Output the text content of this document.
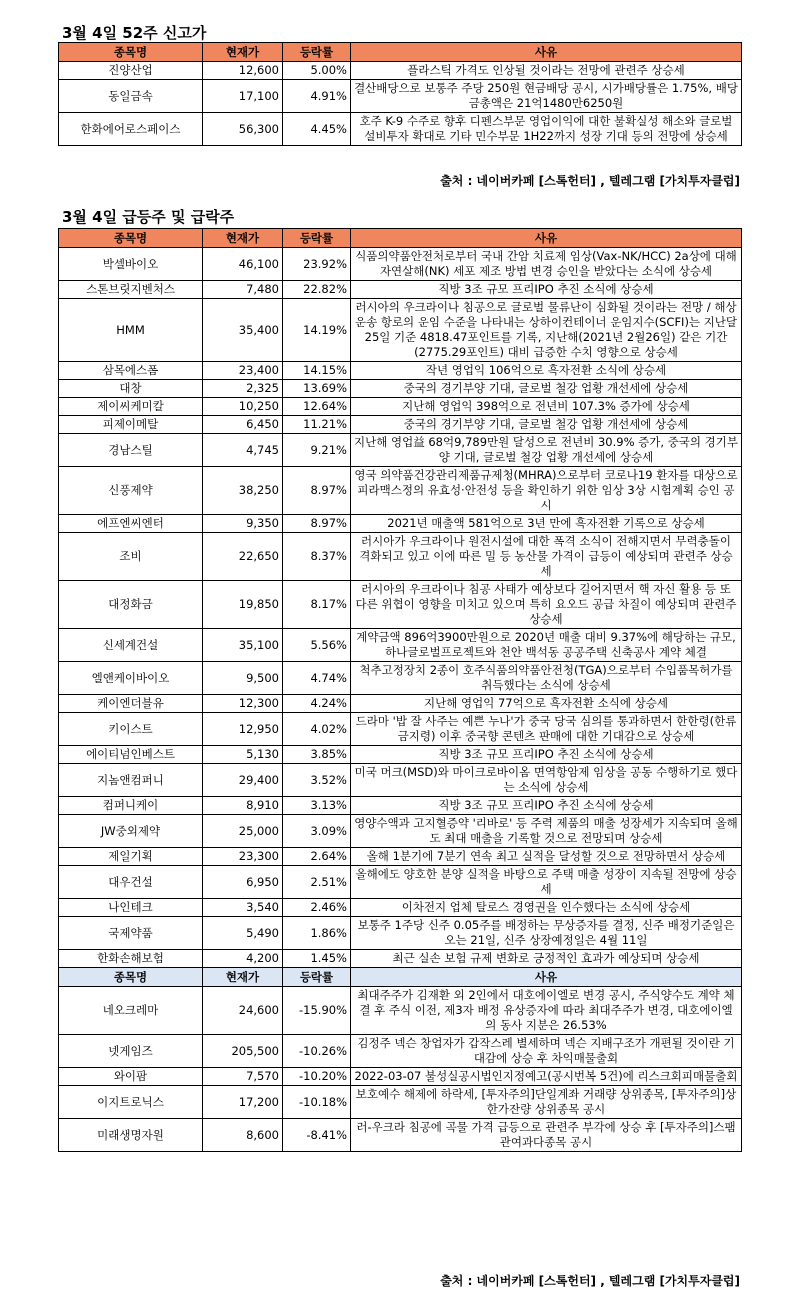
3월 4일 52주 신고가
종목명	현재가	등락률	사유
진양산업	12,600	5.00%	플라스틱 가격도 인상될 것이라는 전망에 관련주 상승세
동일금속	17,100	4.91%	결산배당으로 보통주 주당 250원 현금배당 공시, 시가배당률은 1.75%, 배당금총액은 21억1480만6250원
한화에어로스페이스	56,300	4.45%	호주 K-9 수주로 향후 디펜스부문 영업이익에 대한 불확실성 해소와 글로벌 설비투자 확대로 기타 민수부문 1H22까지 성장 기대 등의 전망에 상승세
출처 : 네이버카페 [스톡헌터] , 텔레그램 [가치투자클럽]
3월 4일 급등주 및 급락주
종목명	현재가	등락률	사유
박셀바이오	46,100	23.92%	식품의약품안전처로부터 국내 간암 치료제 임상(Vax-NK/HCC) 2a상에 대해 자연살해(NK) 세포 제조 방법 변경 승인을 받았다는 소식에 상승세
스톤브릿지벤처스	7,480	22.82%	직방 3조 규모 프리IPO 추진 소식에 상승세
HMM	35,400	14.19%	러시아의 우크라이나 침공으로 글로벌 물류난이 심화될 것이라는 전망 / 해상 운송 항로의 운임 수준을 나타내는 상하이컨테이너 운임지수(SCFI)는 지난달 25일 기준 4818.47포인트를 기록, 지난해(2021년 2월26일) 같은 기간(2775.29포인트) 대비 급증한 수치 영향으로 상승세
삼목에스폼	23,400	14.15%	작년 영업익 106억으로 흑자전환 소식에 상승세
대창	2,325	13.69%	중국의 경기부양 기대, 글로벌 철강 업황 개선세에 상승세
제이씨케미칼	10,250	12.64%	지난해 영업익 398억으로 전년비 107.3% 증가에 상승세
피제이메탈	6,450	11.21%	중국의 경기부양 기대, 글로벌 철강 업황 개선세에 상승세
경남스틸	4,745	9.21%	지난해 영업益 68억9,789만원 달성으로 전년비 30.9% 증가, 중국의 경기부양 기대, 글로벌 철강 업황 개선세에 상승세
신풍제약	38,250	8.97%	영국 의약품건강관리제품규제청(MHRA)으로부터 코로나19 환자를 대상으로 피라맥스정의 유효성·안전성 등을 확인하기 위한 임상 3상 시험계획 승인 공시
에프엔씨엔터	9,350	8.97%	2021년 매출액 581억으로 3년 만에 흑자전환 기록으로 상승세
조비	22,650	8.37%	러시아가 우크라이나 원전시설에 대한 폭격 소식이 전해지면서 무력충돌이 격화되고 있고 이에 따른 밀 등 농산물 가격이 급등이 예상되며 관련주 상승세
대정화금	19,850	8.17%	러시아의 우크라이나 침공 사태가 예상보다 길어지면서 핵 자신 활용 등 또 다른 위협이 영향을 미치고 있으며 특히 요오드 공급 차질이 예상되며 관련주 상승세
신세계건설	35,100	5.56%	계약금액 896억3900만원으로 2020년 매출 대비 9.37%에 해당하는 규모, 하나글로벌프로젝트와 천안 백석동 공공주택 신축공사 계약 체결
엘앤케이바이오	9,500	4.74%	척추고정장치 2종이 호주식품의약품안전청(TGA)으로부터 수입품목허가를 취득했다는 소식에 상승세
케이엔더블유	12,300	4.24%	지난해 영업익 77억으로 흑자전환 소식에 상승세
키이스트	12,950	4.02%	드라마 '밥 잘 사주는 예쁜 누나'가 중국 당국 심의를 통과하면서 한한령(한류 금지령) 이후 중국향 콘텐츠 판매에 대한 기대감으로 상승세
에이티넘인베스트	5,130	3.85%	직방 3조 규모 프리IPO 추진 소식에 상승세
지놈앤컴퍼니	29,400	3.52%	미국 머크(MSD)와 마이크로바이옴 면역항암제 임상을 공동 수행하기로 했다는 소식에 상승세
컴퍼니케이	8,910	3.13%	직방 3조 규모 프리IPO 추진 소식에 상승세
JW중외제약	25,000	3.09%	영양수액과 고지혈증약 '리바로' 등 주력 제품의 매출 성장세가 지속되며 올해도 최대 매출을 기록할 것으로 전망되며 상승세
제일기획	23,300	2.64%	올해 1분기에 7분기 연속 최고 실적을 달성할 것으로 전망하면서 상승세
대우건설	6,950	2.51%	올해에도 양호한 분양 실적을 바탕으로 주택 매출 성장이 지속될 전망에 상승세
나인테크	3,540	2.46%	이차전지 업체 탈로스 경영권을 인수했다는 소식에 상승세
국제약품	5,490	1.86%	보통주 1주당 신주 0.05주를 배정하는 무상증자를 결정, 신주 배정기준일은 오는 21일, 신주 상장예정일은 4월 11일
한화손해보험	4,200	1.45%	최근 실손 보험 규제 변화로 긍정적인 효과가 예상되며 상승세
종목명	현재가	등락률	사유
네오크레마	24,600	-15.90%	최대주주가 김재환 외 2인에서 대호에이엘로 변경 공시, 주식양수도 계약 체결 후 주식 이전, 제3자 배정 유상증자에 따라 최대주주가 변경, 대호에이엘의 동사 지분은 26.53%
넷게임즈	205,500	-10.26%	김정주 넥슨 창업자가 갑작스레 별세하며 넥슨 지배구조가 개편될 것이란 기대감에 상승 후 차익매물출회
와이팜	7,570	-10.20%	2022-03-07 불성실공시법인지정예고(공시번복 5건)에 리스크회피매물출회
이지트로닉스	17,200	-10.18%	보호예수 해제에 하락세, [투자주의]단일계좌 거래량 상위종목, [투자주의]상한가잔량 상위종목 공시
미래생명자원	8,600	-8.41%	러-우크라 침공에 곡물 가격 급등으로 관련주 부각에 상승 후 [투자주의]스팸관여과다종목 공시
출처 : 네이버카페 [스톡헌터] , 텔레그램 [가치투자클럽]
